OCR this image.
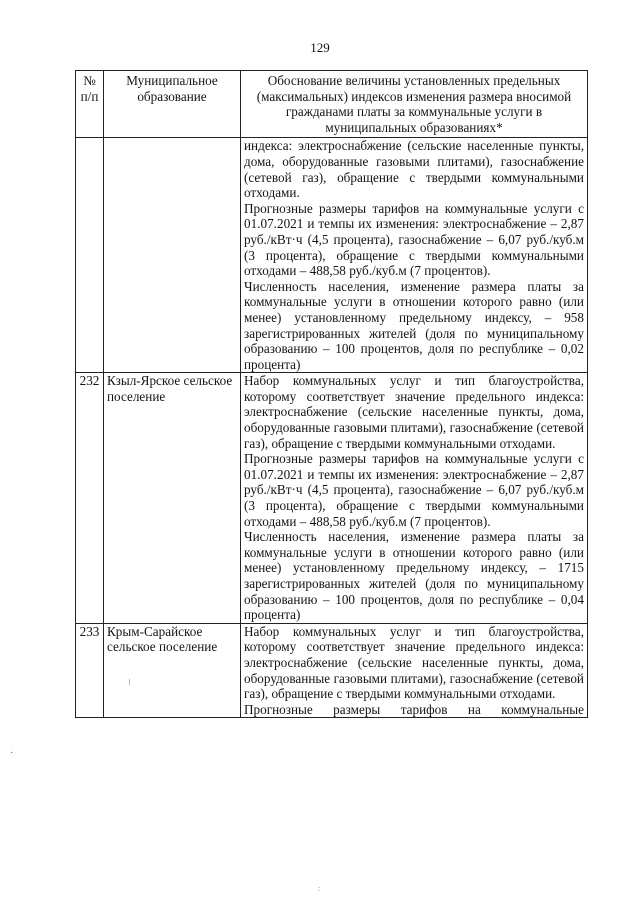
129
№
п/п	Муниципальное образование	Обоснование величины установленных предельных (максимальных) индексов изменения размера вносимой гражданами платы за коммунальные услуги в муниципальных образованиях*

		индекса: электроснабжение (сельские населенные пункты, дома, оборудованные газовыми плитами), газоснабжение (сетевой газ), обращение с твердыми коммунальными отходами.
Прогнозные размеры тарифов на коммунальные услуги с 01.07.2021 и темпы их изменения: электроснабжение – 2,87 руб./кВт·ч (4,5 процента), газоснабжение – 6,07 руб./куб.м (3 процента), обращение с твердыми коммунальными отходами – 488,58 руб./куб.м (7 процентов).
Численность населения, изменение размера платы за коммунальные услуги в отношении которого равно (или менее) установленному предельному индексу, – 958 зарегистрированных жителей (доля по муниципальному образованию – 100 процентов, доля по республике – 0,02 процента)

232	Кзыл-Ярское сельское поселение	Набор коммунальных услуг и тип благоустройства, которому соответствует значение предельного индекса: электроснабжение (сельские населенные пункты, дома, оборудованные газовыми плитами), газоснабжение (сетевой газ), обращение с твердыми коммунальными отходами.
Прогнозные размеры тарифов на коммунальные услуги с 01.07.2021 и темпы их изменения: электроснабжение – 2,87 руб./кВт·ч (4,5 процента), газоснабжение – 6,07 руб./куб.м (3 процента), обращение с твердыми коммунальными отходами – 488,58 руб./куб.м (7 процентов).
Численность населения, изменение размера платы за коммунальные услуги в отношении которого равно (или менее) установленному предельному индексу, – 1715 зарегистрированных жителей (доля по муниципальному образованию – 100 процентов, доля по республике – 0,04 процента)

233	Крым-Сарайское сельское поселение	Набор коммунальных услуг и тип благоустройства, которому соответствует значение предельного индекса: электроснабжение (сельские населенные пункты, дома, оборудованные газовыми плитами), газоснабжение (сетевой газ), обращение с твердыми коммунальными отходами.
Прогнозные размеры тарифов на коммунальные
/
·
:
